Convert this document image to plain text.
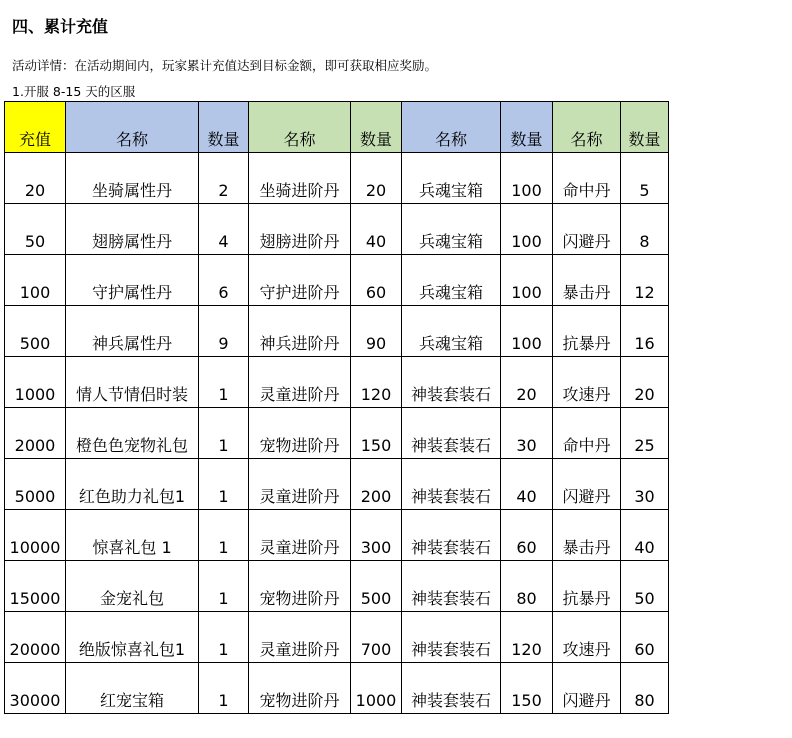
四、累计充值

活动详情：在活动期间内，玩家累计充值达到目标金额，即可获取相应奖励。

1.开服 8-15 天的区服

充值	名称	数量	名称	数量	名称	数量	名称	数量
20	坐骑属性丹	2	坐骑进阶丹	20	兵魂宝箱	100	命中丹	5
50	翅膀属性丹	4	翅膀进阶丹	40	兵魂宝箱	100	闪避丹	8
100	守护属性丹	6	守护进阶丹	60	兵魂宝箱	100	暴击丹	12
500	神兵属性丹	9	神兵进阶丹	90	兵魂宝箱	100	抗暴丹	16
1000	情人节情侣时装	1	灵童进阶丹	120	神装套装石	20	攻速丹	20
2000	橙色色宠物礼包	1	宠物进阶丹	150	神装套装石	30	命中丹	25
5000	红色助力礼包1	1	灵童进阶丹	200	神装套装石	40	闪避丹	30
10000	惊喜礼包 1	1	灵童进阶丹	300	神装套装石	60	暴击丹	40
15000	金宠礼包	1	宠物进阶丹	500	神装套装石	80	抗暴丹	50
20000	绝版惊喜礼包1	1	灵童进阶丹	700	神装套装石	120	攻速丹	60
30000	红宠宝箱	1	宠物进阶丹	1000	神装套装石	150	闪避丹	80
